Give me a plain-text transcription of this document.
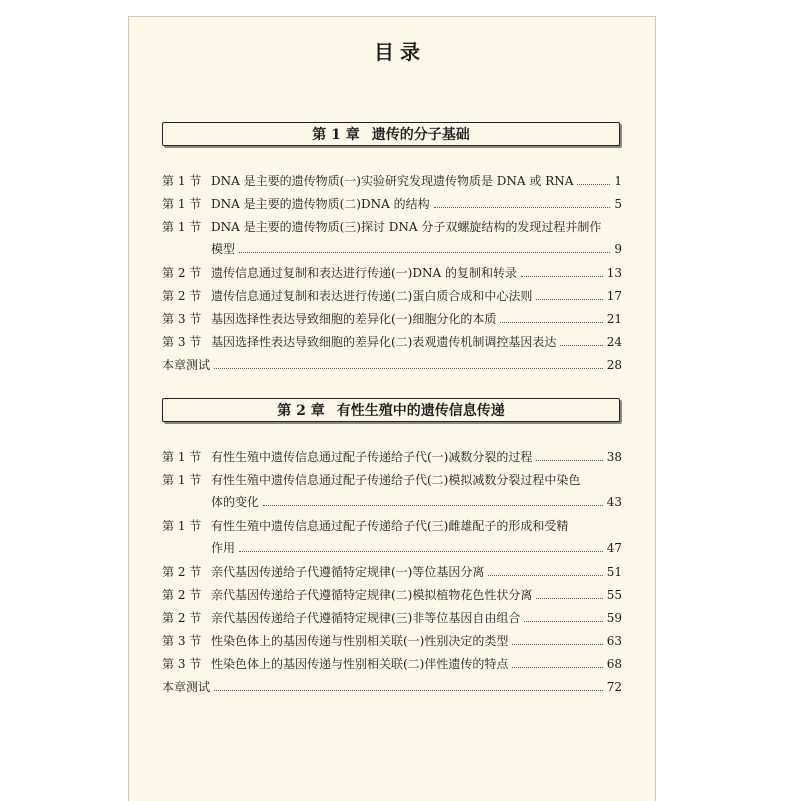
目录
第 1 章 遗传的分子基础
第 1 节 DNA 是主要的遗传物质(一)实验研究发现遗传物质是 DNA 或 RNA	1
第 1 节 DNA 是主要的遗传物质(二)DNA 的结构	5
第 1 节 DNA 是主要的遗传物质(三)探讨 DNA 分子双螺旋结构的发现过程并制作
模型	9
第 2 节 遗传信息通过复制和表达进行传递(一)DNA 的复制和转录	13
第 2 节 遗传信息通过复制和表达进行传递(二)蛋白质合成和中心法则	17
第 3 节 基因选择性表达导致细胞的差异化(一)细胞分化的本质	21
第 3 节 基因选择性表达导致细胞的差异化(二)表观遗传机制调控基因表达	24
本章测试	28
第 2 章 有性生殖中的遗传信息传递
第 1 节 有性生殖中遗传信息通过配子传递给子代(一)减数分裂的过程	38
第 1 节 有性生殖中遗传信息通过配子传递给子代(二)模拟减数分裂过程中染色
体的变化	43
第 1 节 有性生殖中遗传信息通过配子传递给子代(三)雌雄配子的形成和受精
作用	47
第 2 节 亲代基因传递给子代遵循特定规律(一)等位基因分离	51
第 2 节 亲代基因传递给子代遵循特定规律(二)模拟植物花色性状分离	55
第 2 节 亲代基因传递给子代遵循特定规律(三)非等位基因自由组合	59
第 3 节 性染色体上的基因传递与性别相关联(一)性别决定的类型	63
第 3 节 性染色体上的基因传递与性别相关联(二)伴性遗传的特点	68
本章测试	72
